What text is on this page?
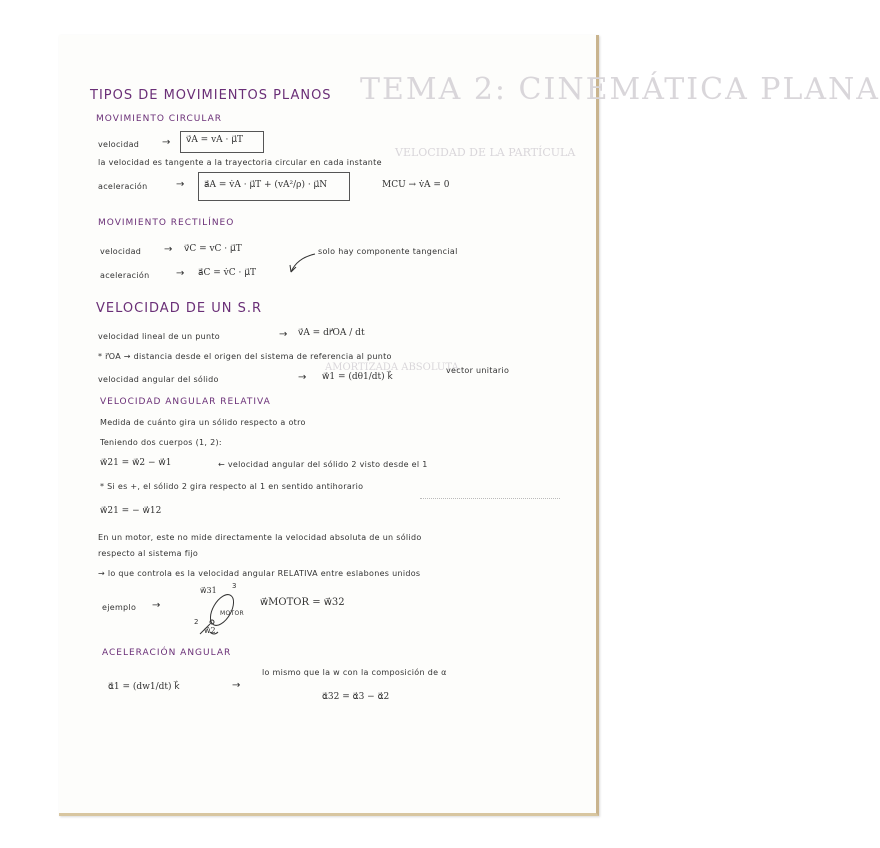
TEMA 2: CINEMÁTICA PLANA
VELOCIDAD DE LA PARTÍCULA
AMORTIZADA ABSOLUTA
TIPOS DE MOVIMIENTOS PLANOS
MOVIMIENTO CIRCULAR
velocidad → v⃗A = vA · μ⃗T
la velocidad es tangente a la trayectoria circular en cada instante
aceleración	→ a⃗A = v̇A · μ⃗T + (vA²/ρ) · μ⃗N	MCU → v̇A = 0
MOVIMIENTO RECTILÍNEO
velocidad → v⃗C = vC · μ⃗T
aceleración	→ a⃗C = v̇C · μ⃗T
solo hay componente tangencial
VELOCIDAD DE UN S.R
velocidad lineal de un punto	→ v⃗A = dr⃗OA / dt
* r⃗OA → distancia desde el origen del sistema de referencia al punto
velocidad angular del sólido	→ w⃗1 = (dθ1/dt) k⃗
vector unitario
VELOCIDAD ANGULAR RELATIVA
Medida de cuánto gira un sólido respecto a otro
Teniendo dos cuerpos (1, 2):
w⃗21 = w⃗2 − w⃗1	← velocidad angular del sólido 2 visto desde el 1
* Si es +, el sólido 2 gira respecto al 1 en sentido antihorario
w⃗21 = − w⃗12
En un motor, este no mide directamente la velocidad absoluta de un sólido
respecto al sistema fijo
→ lo que controla es la velocidad angular RELATIVA entre eslabones unidos
ejemplo →
w⃗31 3
2
MOTOR
w⃗2
w⃗MOTOR = w⃗32
ACELERACIÓN ANGULAR
α⃗1 = (dw1/dt) k⃗	→
lo mismo que la w con la composición de α
α⃗32 = α⃗3 − α⃗2
